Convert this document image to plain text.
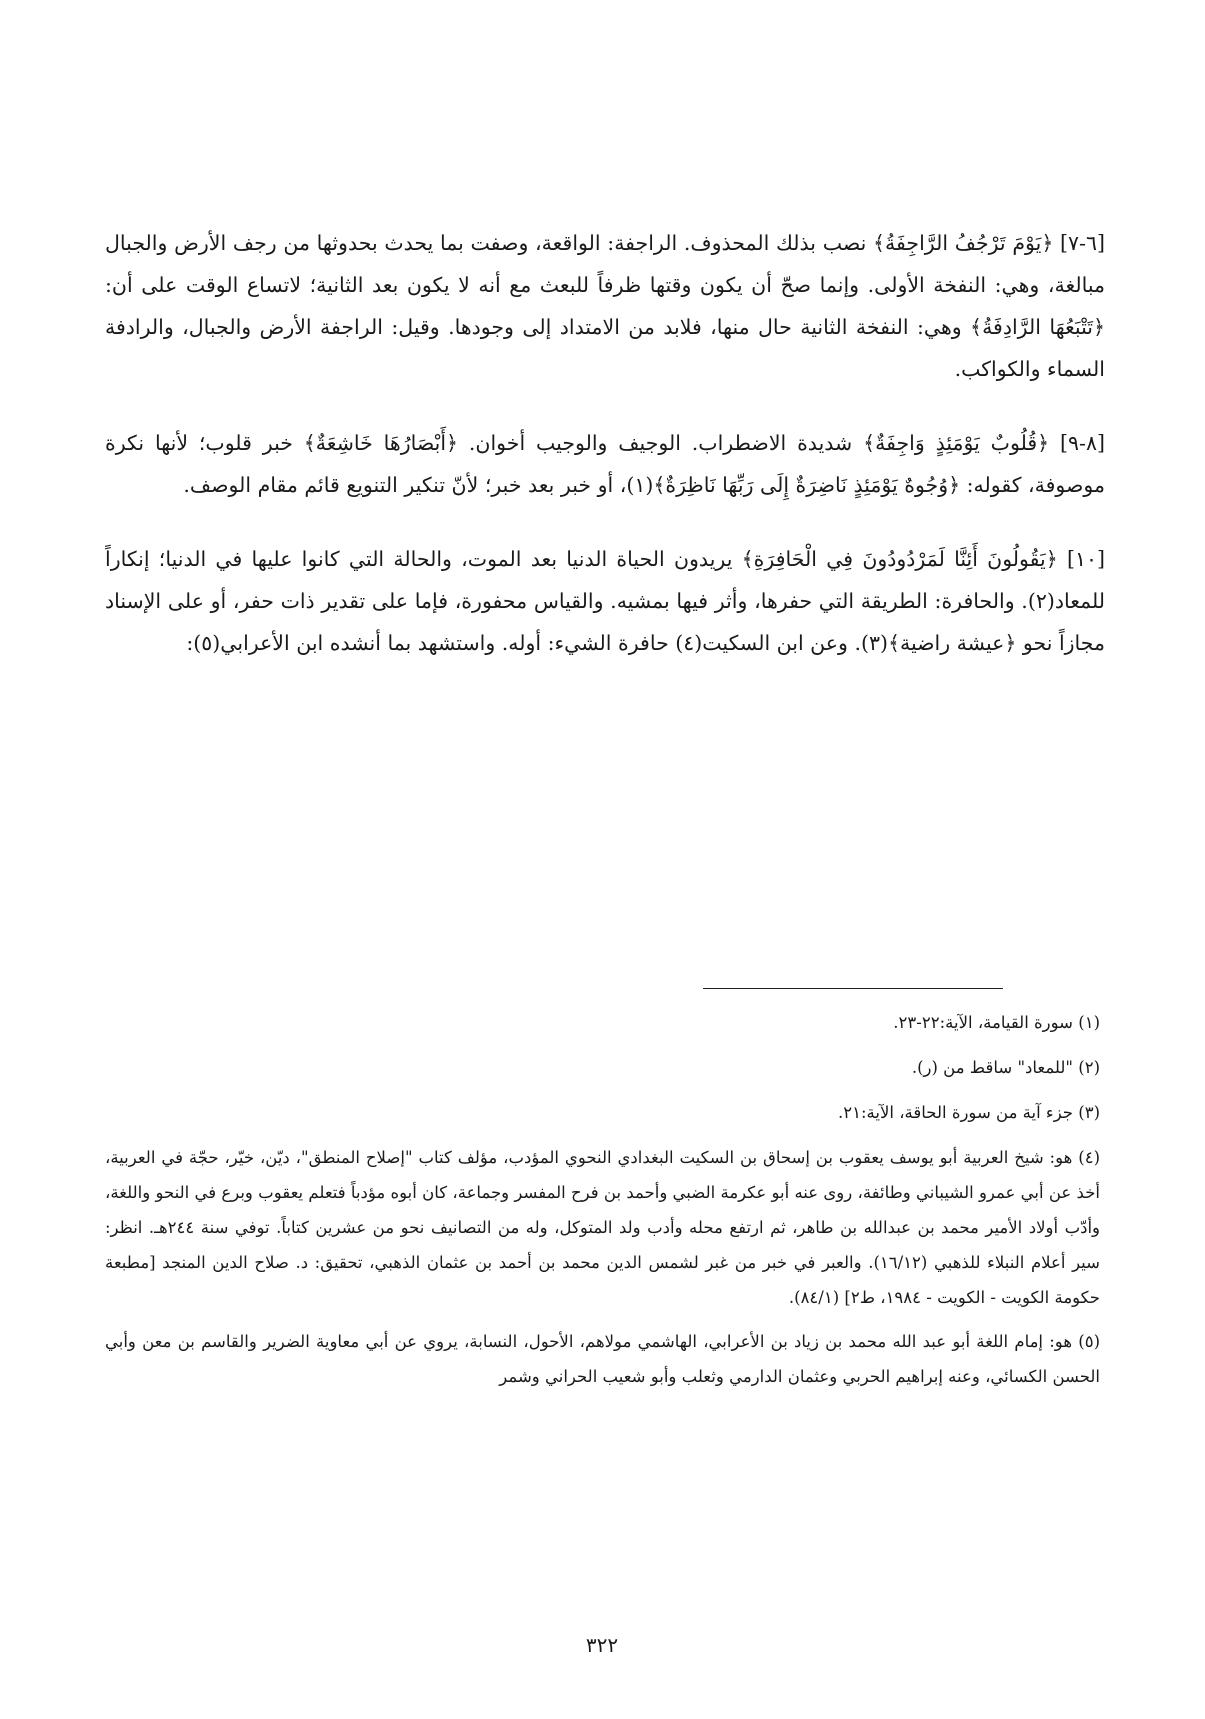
[٦-٧] ﴿يَوْمَ تَرْجُفُ الرَّاجِفَةُ﴾ نصب بذلك المحذوف. الراجفة: الواقعة، وصفت بما يحدث بحدوثها من رجف الأرض والجبال مبالغة، وهي: النفخة الأولى. وإنما صحّ أن يكون وقتها ظرفاً للبعث مع أنه لا يكون بعد الثانية؛ لاتساع الوقت على أن: ﴿تَتْبَعُهَا الرَّادِفَةُ﴾ وهي: النفخة الثانية حال منها، فلابد من الامتداد إلى وجودها. وقيل: الراجفة الأرض والجبال، والرادفة السماء والكواكب.

[٨-٩] ﴿قُلُوبٌ يَوْمَئِذٍ وَاجِفَةٌ﴾ شديدة الاضطراب. الوجيف والوجيب أخوان. ﴿أَبْصَارُهَا خَاشِعَةٌ﴾ خبر قلوب؛ لأنها نكرة موصوفة، كقوله: ﴿وُجُوهٌ يَوْمَئِذٍ نَاضِرَةٌ إِلَى رَبِّهَا نَاظِرَةٌ﴾(١)، أو خبر بعد خبر؛ لأنّ تنكير التنويع قائم مقام الوصف.

[١٠] ﴿يَقُولُونَ أَئِنَّا لَمَرْدُودُونَ فِي الْحَافِرَةِ﴾ يريدون الحياة الدنيا بعد الموت، والحالة التي كانوا عليها في الدنيا؛ إنكاراً للمعاد(٢). والحافرة: الطريقة التي حفرها، وأثر فيها بمشيه. والقياس محفورة، فإما على تقدير ذات حفر، أو على الإسناد مجازاً نحو ﴿عيشة راضية﴾(٣). وعن ابن السكيت(٤) حافرة الشيء: أوله. واستشهد بما أنشده ابن الأعرابي(٥):

(١) سورة القيامة، الآية:٢٢-٢٣.

(٢) "للمعاد" ساقط من (ر).

(٣) جزء آية من سورة الحاقة، الآية:٢١.

(٤) هو: شيخ العربية أبو يوسف يعقوب بن إسحاق بن السكيت البغدادي النحوي المؤدب، مؤلف كتاب "إصلاح المنطق"، ديّن، خيّر، حجّة في العربية، أخذ عن أبي عمرو الشيباني وطائفة، روى عنه أبو عكرمة الضبي وأحمد بن فرح المفسر وجماعة، كان أبوه مؤدباً فتعلم يعقوب وبرع في النحو واللغة، وأدّب أولاد الأمير محمد بن عبدالله بن طاهر، ثم ارتفع محله وأدب ولد المتوكل، وله من التصانيف نحو من عشرين كتاباً. توفي سنة ٢٤٤هـ. انظر: سير أعلام النبلاء للذهبي (١٦/١٢). والعبر في خبر من غبر لشمس الدين محمد بن أحمد بن عثمان الذهبي، تحقيق: د. صلاح الدين المنجد [مطبعة حكومة الكويت - الكويت - ١٩٨٤، ط٢] (٨٤/١).

(٥) هو: إمام اللغة أبو عبد الله محمد بن زياد بن الأعرابي، الهاشمي مولاهم، الأحول، النسابة، يروي عن أبي معاوية الضرير والقاسم بن معن وأبي الحسن الكسائي، وعنه إبراهيم الحربي وعثمان الدارمي وثعلب وأبو شعيب الحراني وشمر

٣٢٢
